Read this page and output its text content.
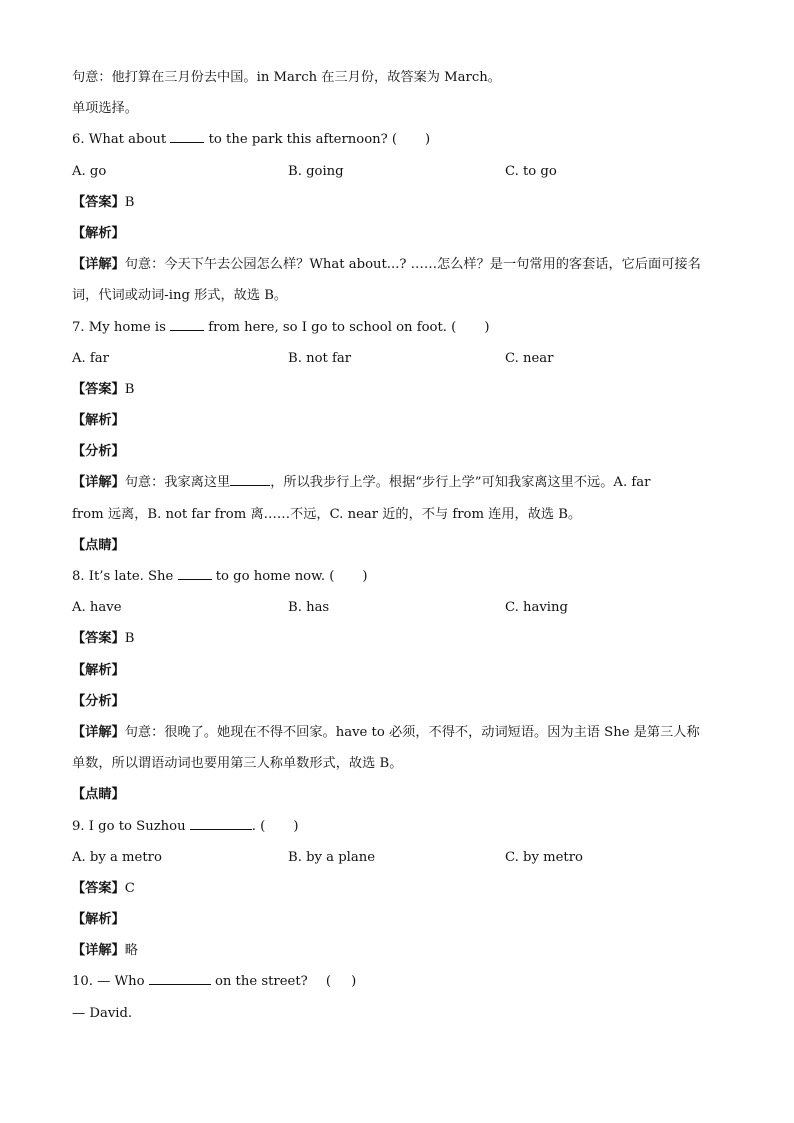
句意：他打算在三月份去中国。in March 在三月份，故答案为 March。
单项选择。
6. What about	to the park this afternoon? ( )
A. go	B. going	C. to go
【答案】B
【解析】
【详解】句意：今天下午去公园怎么样？What about...? ……怎么样？是一句常用的客套话，它后面可接名
词，代词或动词-ing 形式，故选 B。
7. My home is	from here, so I go to school on foot. ( )
A. far	B. not far	C. near
【答案】B
【解析】
【分析】
【详解】句意：我家离这里	，所以我步行上学。根据“步行上学”可知我家离这里不远。A. far
from 远离，B. not far from 离……不远，C. near 近的，不与 from 连用，故选 B。
【点睛】
8. It’s late. She	to go home now. ( )
A. have	B. has	C. having
【答案】B
【解析】
【分析】
【详解】句意：很晚了。她现在不得不回家。have to 必须，不得不，动词短语。因为主语 She 是第三人称
单数，所以谓语动词也要用第三人称单数形式，故选 B。
【点睛】
9. I go to Suzhou	. ( )
A. by a metro	B. by a plane	C. by metro
【答案】C
【解析】
【详解】略
10. — Who	on the street? ( )
— David.
